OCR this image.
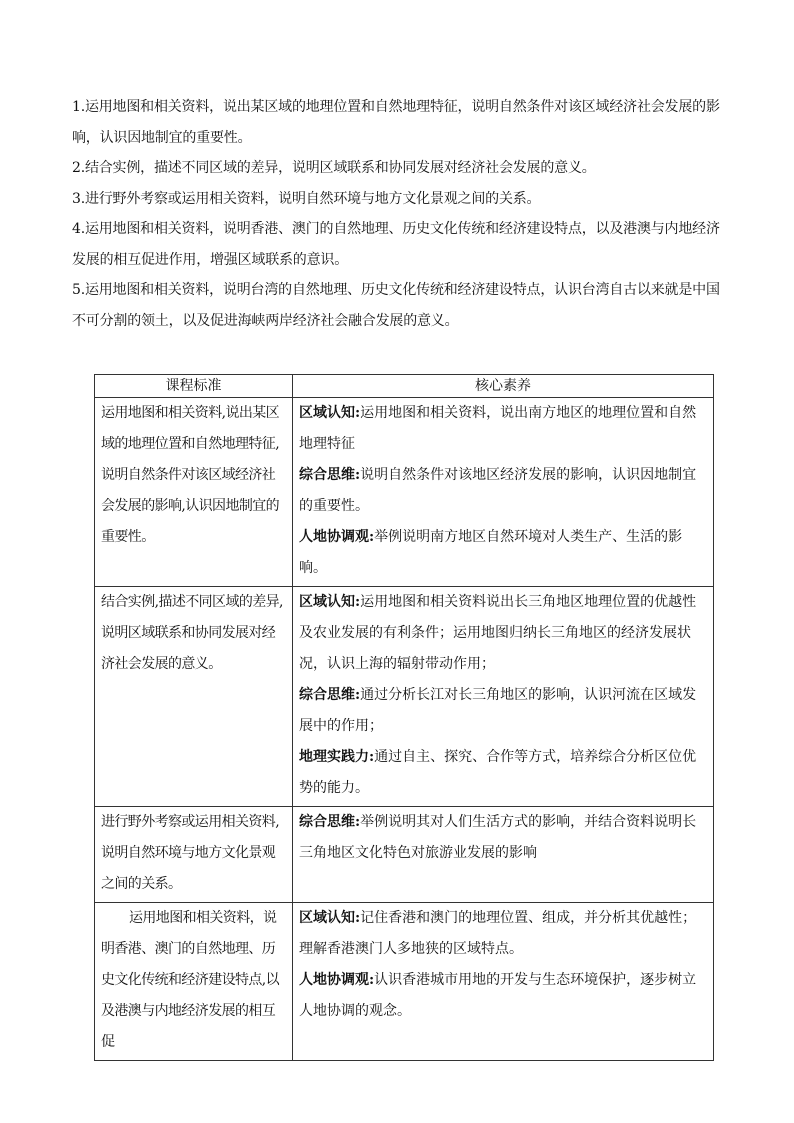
1.运用地图和相关资料，说出某区域的地理位置和自然地理特征，说明自然条件对该区域经济社会发展的影响，认识因地制宜的重要性。

2.结合实例，描述不同区域的差异，说明区域联系和协同发展对经济社会发展的意义。

3.进行野外考察或运用相关资料，说明自然环境与地方文化景观之间的关系。

4.运用地图和相关资料，说明香港、澳门的自然地理、历史文化传统和经济建设特点，以及港澳与内地经济发展的相互促进作用，增强区域联系的意识。

5.运用地图和相关资料，说明台湾的自然地理、历史文化传统和经济建设特点，认识台湾自古以来就是中国不可分割的领土，以及促进海峡两岸经济社会融合发展的意义。

课程标准	核心素养
运用地图和相关资料,说出某区域的地理位置和自然地理特征,说明自然条件对该区域经济社会发展的影响,认识因地制宜的重要性。	区域认知:运用地图和相关资料，说出南方地区的地理位置和自然地理特征

综合思维:说明自然条件对该地区经济发展的影响，认识因地制宜的重要性。

人地协调观:举例说明南方地区自然环境对人类生产、生活的影响。

结合实例,描述不同区域的差异,说明区域联系和协同发展对经济社会发展的意义。	区域认知:运用地图和相关资料说出长三角地区地理位置的优越性及农业发展的有利条件；运用地图归纳长三角地区的经济发展状况，认识上海的辐射带动作用；

综合思维:通过分析长江对长三角地区的影响，认识河流在区域发展中的作用；

地理实践力:通过自主、探究、合作等方式，培养综合分析区位优势的能力。

进行野外考察或运用相关资料,说明自然环境与地方文化景观之间的关系。	综合思维:举例说明其对人们生活方式的影响，并结合资料说明长三角地区文化特色对旅游业发展的影响

运用地图和相关资料，说明香港、澳门的自然地理、历史文化传统和经济建设特点,以及港澳与内地经济发展的相互促	区域认知:记住香港和澳门的地理位置、组成，并分析其优越性；理解香港澳门人多地狭的区域特点。

人地协调观:认识香港城市用地的开发与生态环境保护，逐步树立人地协调的观念。
